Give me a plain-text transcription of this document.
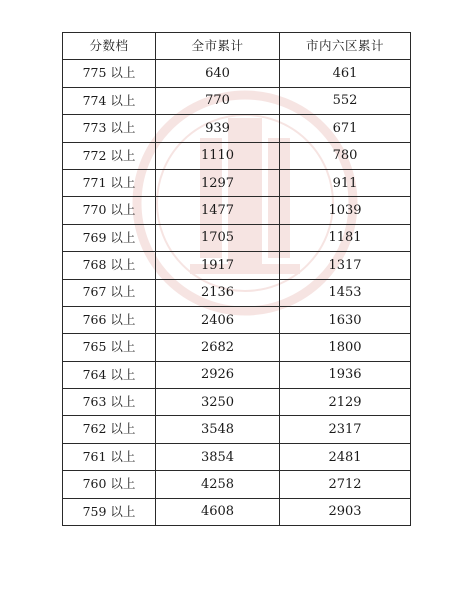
分数档	全市累计	市内六区累计
775 以上	640	461
774 以上	770	552
773 以上	939	671
772 以上	1110	780
771 以上	1297	911
770 以上	1477	1039
769 以上	1705	1181
768 以上	1917	1317
767 以上	2136	1453
766 以上	2406	1630
765 以上	2682	1800
764 以上	2926	1936
763 以上	3250	2129
762 以上	3548	2317
761 以上	3854	2481
760 以上	4258	2712
759 以上	4608	2903
